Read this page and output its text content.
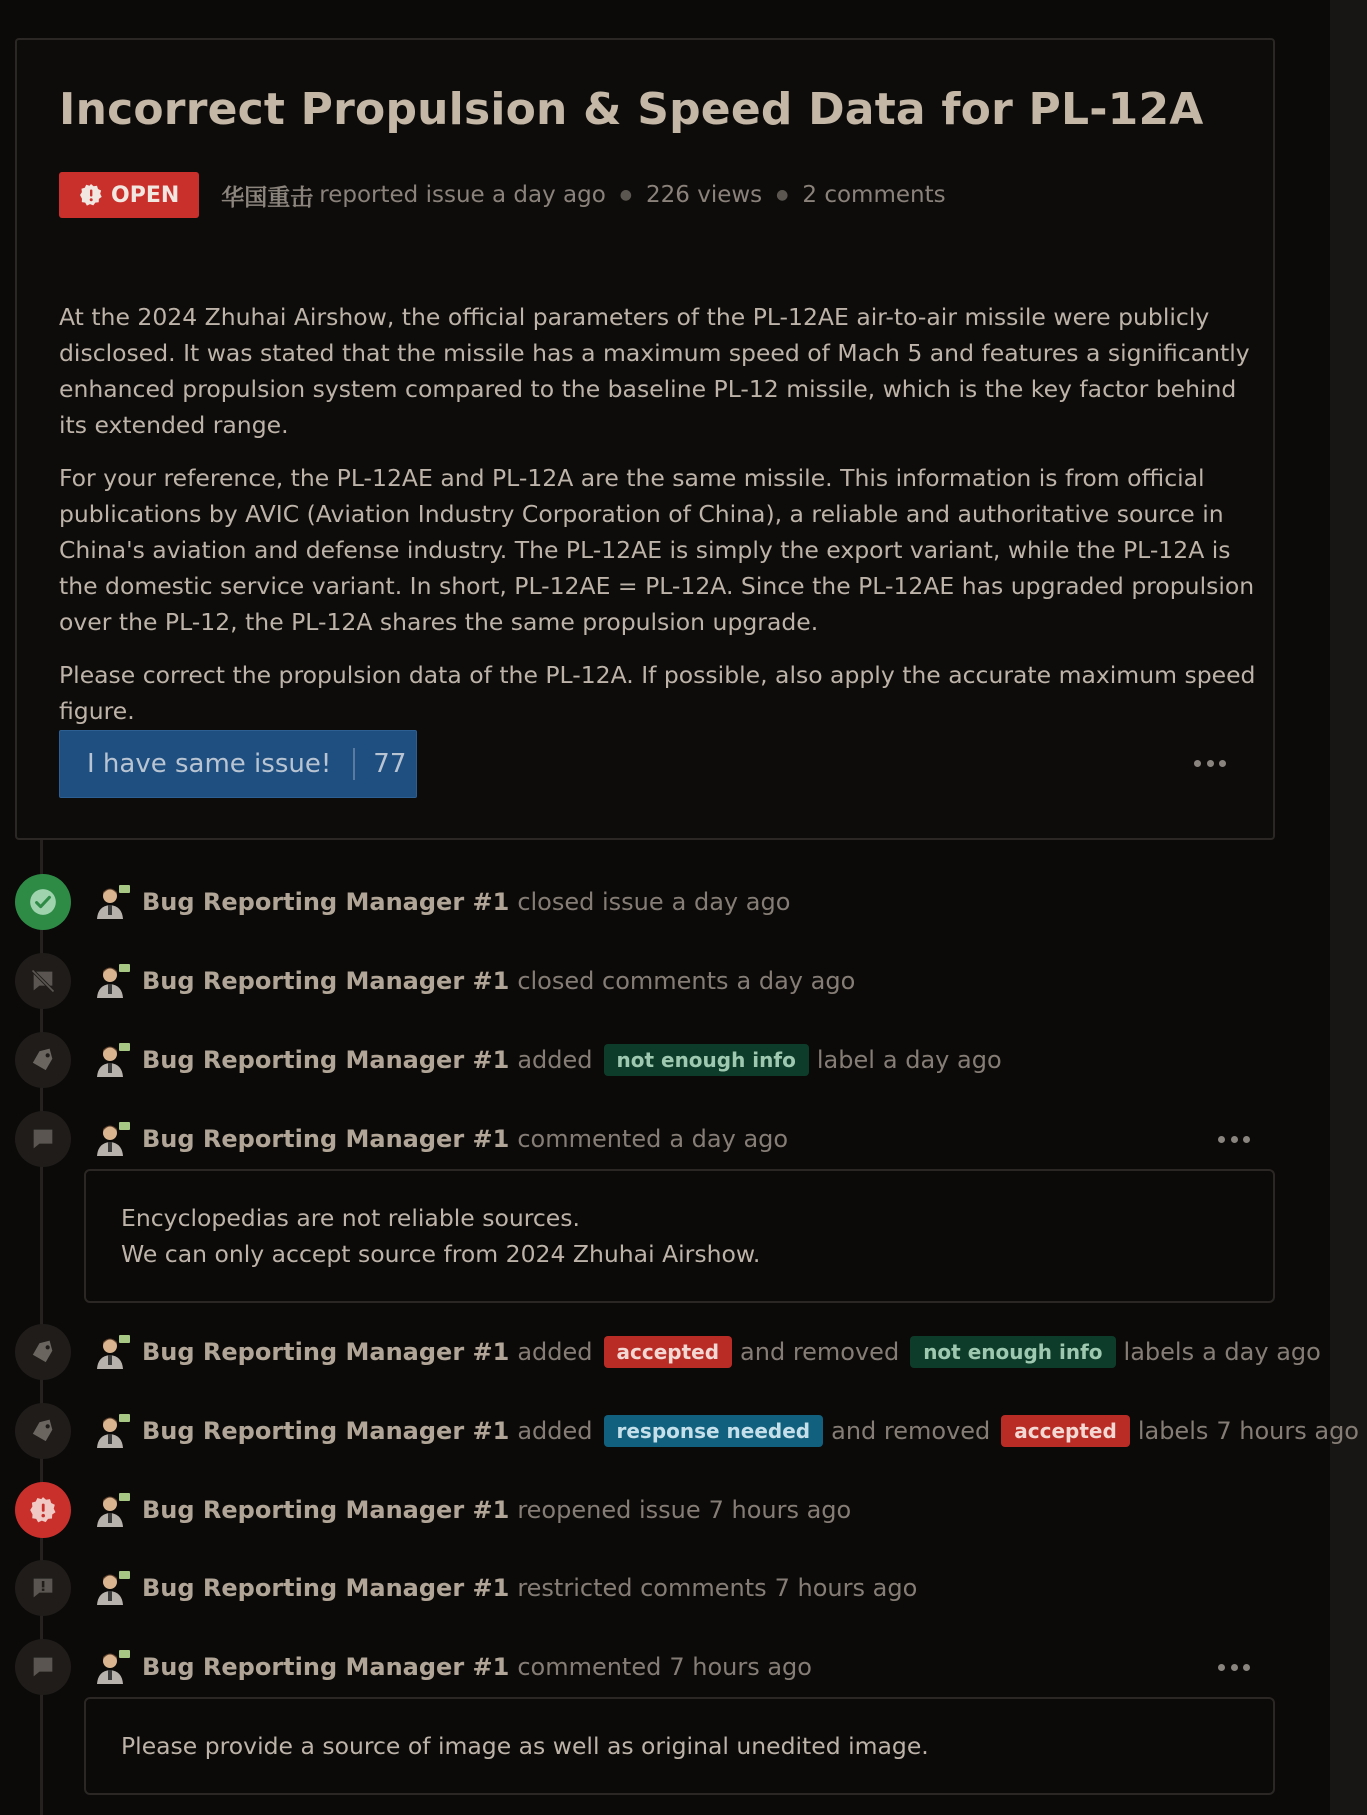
Incorrect Propulsion & Speed Data for PL-12A
OPEN 华国重击 reported issue a day ago ● 226 views ● 2 comments

At the 2024 Zhuhai Airshow, the official parameters of the PL-12AE air-to-air missile were publicly disclosed. It was stated that the missile has a maximum speed of Mach 5 and features a significantly enhanced propulsion system compared to the baseline PL-12 missile, which is the key factor behind its extended range.

For your reference, the PL-12AE and PL-12A are the same missile. This information is from official publications by AVIC (Aviation Industry Corporation of China), a reliable and authoritative source in China's aviation and defense industry. The PL-12AE is simply the export variant, while the PL-12A is the domestic service variant. In short, PL-12AE = PL-12A. Since the PL-12AE has upgraded propulsion over the PL-12, the PL-12A shares the same propulsion upgrade.

Please correct the propulsion data of the PL-12A. If possible, also apply the accurate maximum speed figure.

I have same issue!	77
Bug Reporting Manager #1 closed issue a day ago
Bug Reporting Manager #1 closed comments a day ago
Bug Reporting Manager #1 added	not enough info label a day ago
Bug Reporting Manager #1 commented a day ago

Encyclopedias are not reliable sources.

We can only accept source from 2024 Zhuhai Airshow.

Bug Reporting Manager #1 added	accepted and removed	not enough info labels a day ago
Bug Reporting Manager #1 added	response needed and removed	accepted labels 7 hours ago
Bug Reporting Manager #1 reopened issue 7 hours ago
Bug Reporting Manager #1 restricted comments 7 hours ago
Bug Reporting Manager #1 commented 7 hours ago

Please provide a source of image as well as original unedited image.
